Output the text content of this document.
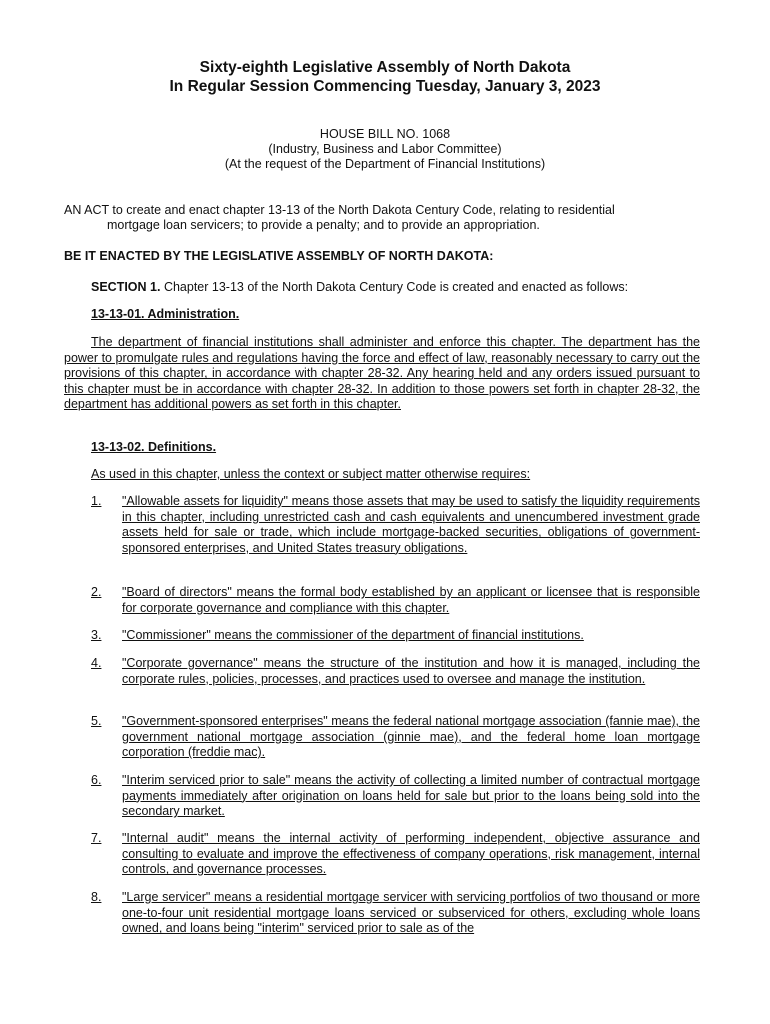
Sixty-eighth Legislative Assembly of North Dakota
In Regular Session Commencing Tuesday, January 3, 2023
HOUSE BILL NO. 1068
(Industry, Business and Labor Committee)
(At the request of the Department of Financial Institutions)
AN ACT to create and enact chapter 13-13 of the North Dakota Century Code, relating to residential
mortgage loan servicers; to provide a penalty; and to provide an appropriation.
BE IT ENACTED BY THE LEGISLATIVE ASSEMBLY OF NORTH DAKOTA:
SECTION 1. Chapter 13-13 of the North Dakota Century Code is created and enacted as follows:
13-13-01. Administration.
The department of financial institutions shall administer and enforce this chapter. The department has the power to promulgate rules and regulations having the force and effect of law, reasonably necessary to carry out the provisions of this chapter, in accordance with chapter 28-32. Any hearing held and any orders issued pursuant to this chapter must be in accordance with chapter 28-32. In addition to those powers set forth in chapter 28-32, the department has additional powers as set forth in this chapter.
13-13-02. Definitions.
As used in this chapter, unless the context or subject matter otherwise requires:
1. "Allowable assets for liquidity" means those assets that may be used to satisfy the liquidity requirements in this chapter, including unrestricted cash and cash equivalents and unencumbered investment grade assets held for sale or trade, which include mortgage-backed securities, obligations of government-sponsored enterprises, and United States treasury obligations.
2. "Board of directors" means the formal body established by an applicant or licensee that is responsible for corporate governance and compliance with this chapter.
3. "Commissioner" means the commissioner of the department of financial institutions.
4. "Corporate governance" means the structure of the institution and how it is managed, including the corporate rules, policies, processes, and practices used to oversee and manage the institution.
5. "Government-sponsored enterprises" means the federal national mortgage association (fannie mae), the government national mortgage association (ginnie mae), and the federal home loan mortgage corporation (freddie mac).
6. "Interim serviced prior to sale" means the activity of collecting a limited number of contractual mortgage payments immediately after origination on loans held for sale but prior to the loans being sold into the secondary market.
7. "Internal audit" means the internal activity of performing independent, objective assurance and consulting to evaluate and improve the effectiveness of company operations, risk management, internal controls, and governance processes.
8. "Large servicer" means a residential mortgage servicer with servicing portfolios of two thousand or more one-to-four unit residential mortgage loans serviced or subserviced for others, excluding whole loans owned, and loans being "interim" serviced prior to sale as of the
